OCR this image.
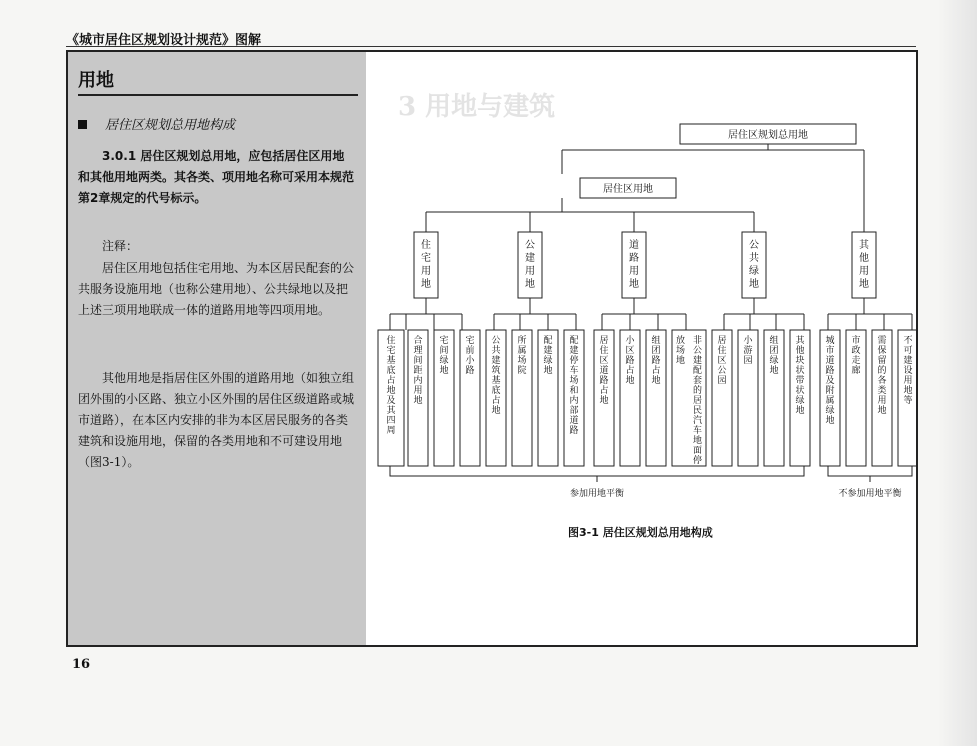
《城市居住区规划设计规范》图解
用地
居住区规划总用地构成
3.0.1 居住区规划总用地，应包括居住区用地和其他用地两类。其各类、项用地名称可采用本规范第2章规定的代号标示。
注释：
居住区用地包括住宅用地、为本区居民配套的公共服务设施用地（也称公建用地）、公共绿地以及把上述三项用地联成一体的道路用地等四项用地。
其他用地是指居住区外围的道路用地（如独立组团外围的小区路、独立小区外围的居住区级道路或城市道路），在本区内安排的非为本区居民服务的各类建筑和设施用地，保留的各类用地和不可建设用地（图3-1）。
3 用地与建筑
居住区规划总用地
居住区用地
住宅用地
公建用地
道路用地
公共绿地
其他用地
住宅基底占地及其四周
合理间距内用地
宅间绿地
宅前小路
公共建筑基底占地
所属场院
配建绿地
配建停车场和内部道路
居住区道路占地
小区路占地
组团路占地
非公建配套的居民汽车地面停放场地
居住区公园
小游园
组团绿地
其他块状带状绿地
城市道路及附属绿地
市政走廊
需保留的各类用地
不可建设用地等
参加用地平衡	不参加用地平衡
图3-1 居住区规划总用地构成
16
